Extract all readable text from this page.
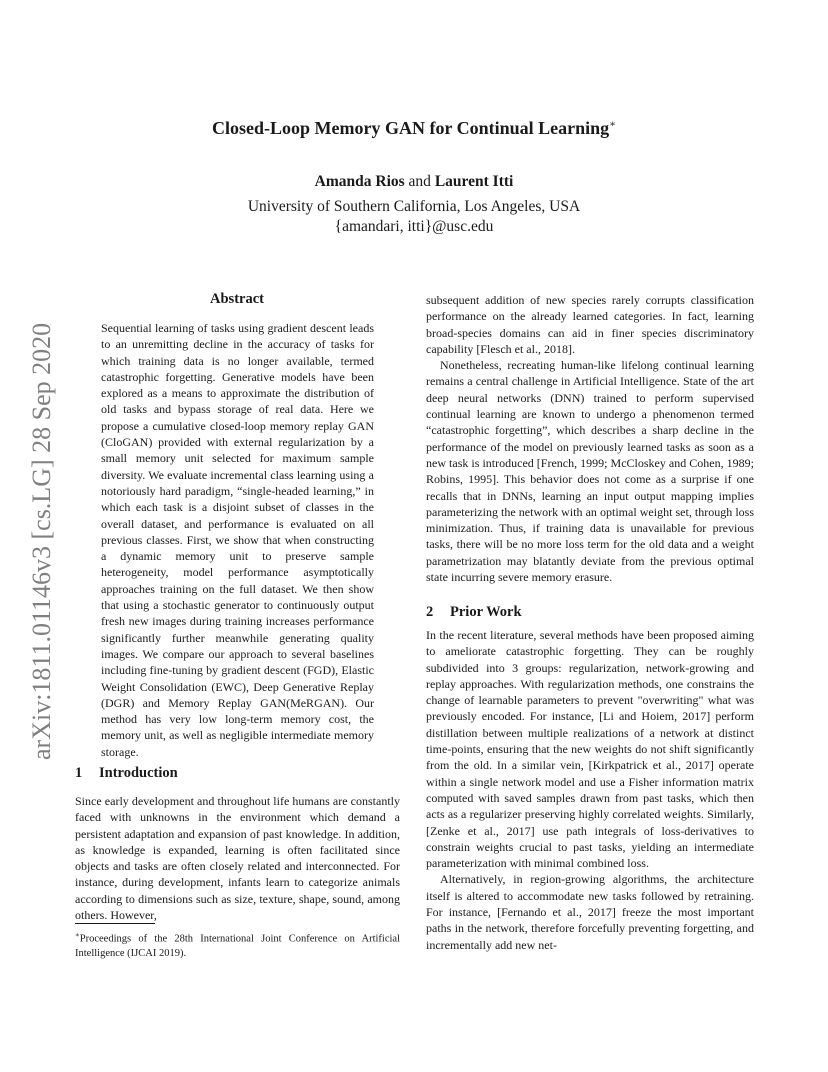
arXiv:1811.01146v3 [cs.LG] 28 Sep 2020
Closed-Loop Memory GAN for Continual Learning∗
Amanda Rios and Laurent Itti
University of Southern California, Los Angeles, USA
{amandari, itti}@usc.edu
Abstract
Sequential learning of tasks using gradient descent leads to an unremitting decline in the accuracy of tasks for which training data is no longer available, termed catastrophic forgetting. Generative models have been explored as a means to approximate the distribution of old tasks and bypass storage of real data. Here we propose a cumulative closed-loop memory replay GAN (CloGAN) provided with external regularization by a small memory unit selected for maximum sample diversity. We evaluate incremental class learning using a notoriously hard paradigm, “single-headed learning,” in which each task is a disjoint subset of classes in the overall dataset, and performance is evaluated on all previous classes. First, we show that when constructing a dynamic memory unit to preserve sample heterogeneity, model performance asymptotically approaches training on the full dataset. We then show that using a stochastic generator to continuously output fresh new images during training increases performance significantly further meanwhile generating quality images. We compare our approach to several baselines including fine-tuning by gradient descent (FGD), Elastic Weight Consolidation (EWC), Deep Generative Replay (DGR) and Memory Replay GAN(MeRGAN). Our method has very low long-term memory cost, the memory unit, as well as negligible intermediate memory storage.
1 Introduction

Since early development and throughout life humans are constantly faced with unknowns in the environment which demand a persistent adaptation and expansion of past knowledge. In addition, as knowledge is expanded, learning is often facilitated since objects and tasks are often closely related and interconnected. For instance, during development, infants learn to categorize animals according to dimensions such as size, texture, shape, sound, among others. However,

subsequent addition of new species rarely corrupts classification performance on the already learned categories. In fact, learning broad-species domains can aid in finer species discriminatory capability [Flesch et al., 2018].

Nonetheless, recreating human-like lifelong continual learning remains a central challenge in Artificial Intelligence. State of the art deep neural networks (DNN) trained to perform supervised continual learning are known to undergo a phenomenon termed “catastrophic forgetting”, which describes a sharp decline in the performance of the model on previously learned tasks as soon as a new task is introduced [French, 1999; McCloskey and Cohen, 1989; Robins, 1995]. This behavior does not come as a surprise if one recalls that in DNNs, learning an input output mapping implies parameterizing the network with an optimal weight set, through loss minimization. Thus, if training data is unavailable for previous tasks, there will be no more loss term for the old data and a weight parametrization may blatantly deviate from the previous optimal state incurring severe memory erasure.

2 Prior Work

In the recent literature, several methods have been proposed aiming to ameliorate catastrophic forgetting. They can be roughly subdivided into 3 groups: regularization, network-growing and replay approaches. With regularization methods, one constrains the change of learnable parameters to prevent "overwriting" what was previously encoded. For instance, [Li and Hoiem, 2017] perform distillation between multiple realizations of a network at distinct time-points, ensuring that the new weights do not shift significantly from the old. In a similar vein, [Kirkpatrick et al., 2017] operate within a single network model and use a Fisher information matrix computed with saved samples drawn from past tasks, which then acts as a regularizer preserving highly correlated weights. Similarly, [Zenke et al., 2017] use path integrals of loss-derivatives to constrain weights crucial to past tasks, yielding an intermediate parameterization with minimal combined loss.

Alternatively, in region-growing algorithms, the architecture itself is altered to accommodate new tasks followed by retraining. For instance, [Fernando et al., 2017] freeze the most important paths in the network, therefore forcefully preventing forgetting, and incrementally add new net-

∗Proceedings of the 28th International Joint Conference on Artificial Intelligence (IJCAI 2019).
